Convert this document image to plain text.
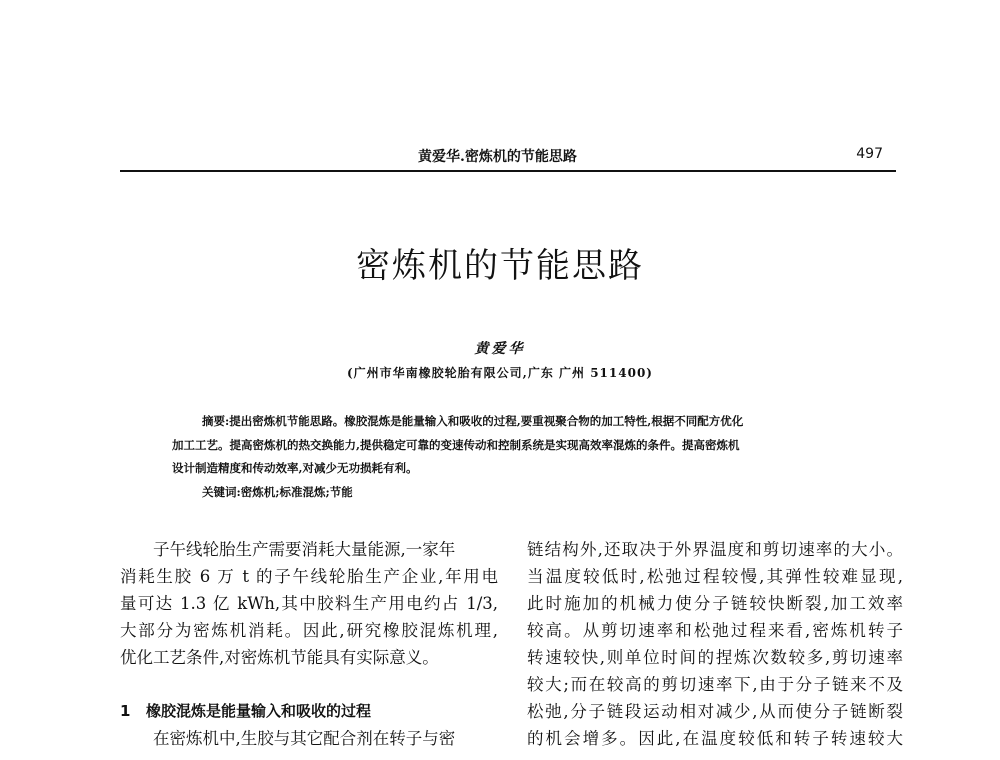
黄爱华.密炼机的节能思路	497
密炼机的节能思路
黄爱华
(广州市华南橡胶轮胎有限公司,广东 广州 511400)
摘要:提出密炼机节能思路。橡胶混炼是能量输入和吸收的过程,要重视聚合物的加工特性,根据不同配方优化
加工工艺。提高密炼机的热交换能力,提供稳定可靠的变速传动和控制系统是实现高效率混炼的条件。提高密炼机
设计制造精度和传动效率,对减少无功损耗有利。
关键词:密炼机;标准混炼;节能
子午线轮胎生产需要消耗大量能源,一家年
消耗生胶 6 万 t 的子午线轮胎生产企业,年用电
量可达 1.3 亿 kWh,其中胶料生产用电约占 1/3,
大部分为密炼机消耗。因此,研究橡胶混炼机理,
优化工艺条件,对密炼机节能具有实际意义。
1 橡胶混炼是能量输入和吸收的过程
在密炼机中,生胶与其它配合剂在转子与密
链结构外,还取决于外界温度和剪切速率的大小。
当温度较低时,松弛过程较慢,其弹性较难显现,
此时施加的机械力使分子链较快断裂,加工效率
较高。从剪切速率和松弛过程来看,密炼机转子
转速较快,则单位时间的捏炼次数较多,剪切速率
较大;而在较高的剪切速率下,由于分子链来不及
松弛,分子链段运动相对减少,从而使分子链断裂
的机会增多。因此,在温度较低和转子转速较大
